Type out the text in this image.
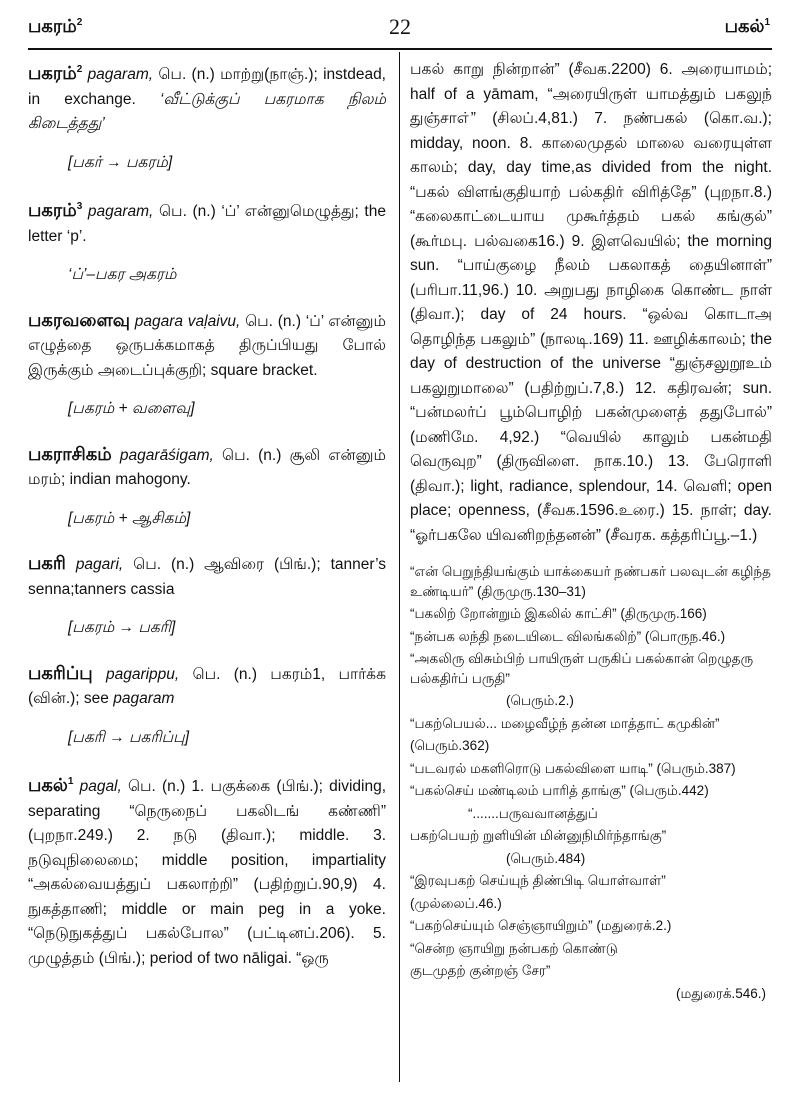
பகரம்$^2$	22	பகல்$^1$

பகரம்$^2$ pagaram, பெ. (n.) மாற்று(நாஞ்.); instdead, in exchange. ‘வீட்டுக்குப் பகரமாக நிலம் கிடைத்தது’

[பகர் → பகரம்]

பகரம்$^3$ pagaram, பெ. (n.) ‘ப்’ என்னுமெழுத்து; the letter ‘p’.

‘ப்’–பகர அகரம்

பகரவளைவு pagara vaḷaivu, பெ. (n.) ‘ப்’ என்னும் எழுத்தை ஒருபக்கமாகத் திருப்பியது போல் இருக்கும் அடைப்புக்குறி; square bracket.

[பகரம் + வளைவு]

பகராசிகம் pagarāśigam, பெ. (n.) சூலி என்னும் மரம்; indian mahogony.

[பகரம் + ஆசிகம்]

பகரி pagari, பெ. (n.) ஆவிரை (பிங்.); tanner’s senna;tanners cassia

[பகரம் → பகரி]

பகரிப்பு pagarippu, பெ. (n.) பகரம்1, பார்க்க (வின்.); see pagaram

[பகரி → பகரிப்பு]

பகல்$^1$ pagal, பெ. (n.) 1. பகுக்கை (பிங்.); dividing, separating “நெருநைப் பகலிடங் கண்ணி” (புறநா.249.) 2. நடு (திவா.); middle. 3. நடுவுநிலைமை; middle position, impartiality “அகல்வையத்துப் பகலாற்றி” (பதிற்றுப்.90,9) 4. நுகத்தாணி; middle or main peg in a yoke. “நெடுநுகத்துப் பகல்போல” (பட்டினப்.206). 5. முழுத்தம் (பிங்.); period of two nāligai. “ஒரு

பகல் காறு நின்றான்” (சீவக.2200) 6. அரையாமம்; half of a yāmam, “அரையிருள் யாமத்தும் பகலுந் துஞ்சாஎ்” (சிலப்.4,81.) 7. நண்பகல் (கொ.வ.); midday, noon. 8. காலைமுதல் மாலை வரையுள்ள காலம்; day, day time,as divided from the night. “பகல் விளங்குதியாற் பல்கதிர் விரித்தே” (புறநா.8.) “கலைகாட்டையாய முகூர்த்தம் பகல் கங்குல்” (கூர்மபு. பல்வகை16.) 9. இளவெயில்; the morning sun. “பாய்குழை நீலம் பகலாகத் தையினாள்” (பரிபா.11,96.) 10. அறுபது நாழிகை கொண்ட நாள் (திவா.); day of 24 hours. “ஒல்வ கொடாஅ தொழிந்த பகலும்” (நாலடி.169) 11. ஊழிக்காலம்; the day of destruction of the universe “துஞ்சலுறூஉம் பகலுறுமாலை” (பதிற்றுப்.7,8.) 12. கதிரவன்; sun. “பன்மலர்ப் பூம்பொழிற் பகன்முளைத் ததுபோல்” (மணிமே. 4,92.) “வெயில் காலும் பகன்மதி வெருவுற” (திருவிளை. நாக.10.) 13. பேரொளி (திவா.); light, radiance, splendour, 14. வெளி; open place; openness, (சீவக.1596.உரை.) 15. நாள்; day. “ஓர்பகலே யிவனிறந்தனன்” (சீவரக. கத்தரிப்பூ.–1.)

“என் பெறுந்தியங்கும் யாக்கையர் நண்பகர் பலவுடன் கழிந்த உண்டியர்” (திருமுரு.130–31)
“பகலிற் றோன்றும் இகலில் காட்சி” (திருமுரு.166)
“நன்பக லந்தி நடையிடை விலங்கலிற்” (பொருந.46.)
“அகலிரு விசும்பிற் பாயிருள் பருகிப் பகல்கான் றெழுதரு பல்கதிர்ப் பருதி”
(பெரும்.2.)
“பகற்பெயல்... மழைவீழ்ந் தன்ன மாத்தாட் கமுகின்”
(பெரும்.362)
“படவரல் மகளிரொடு பகல்விளை யாடி” (பெரும்.387)
“பகல்செய் மண்டிலம் பாரித் தாங்கு” (பெரும்.442)
“.......பருவவானத்துப்
பகற்பெயற் றுளியின் மின்னுநிமிர்ந்தாங்கு”
(பெரும்.484)
“இரவுபகற் செய்யுந் திண்பிடி யொள்வாள்”
(முல்லைப்.46.)
“பகற்செய்யும் செஞ்ஞாயிறும்” (மதுரைக்.2.)
“சென்ற ஞாயிறு நன்பகற் கொண்டு
குடமுதற் குன்றஞ் சேர”
(மதுரைக்.546.)
